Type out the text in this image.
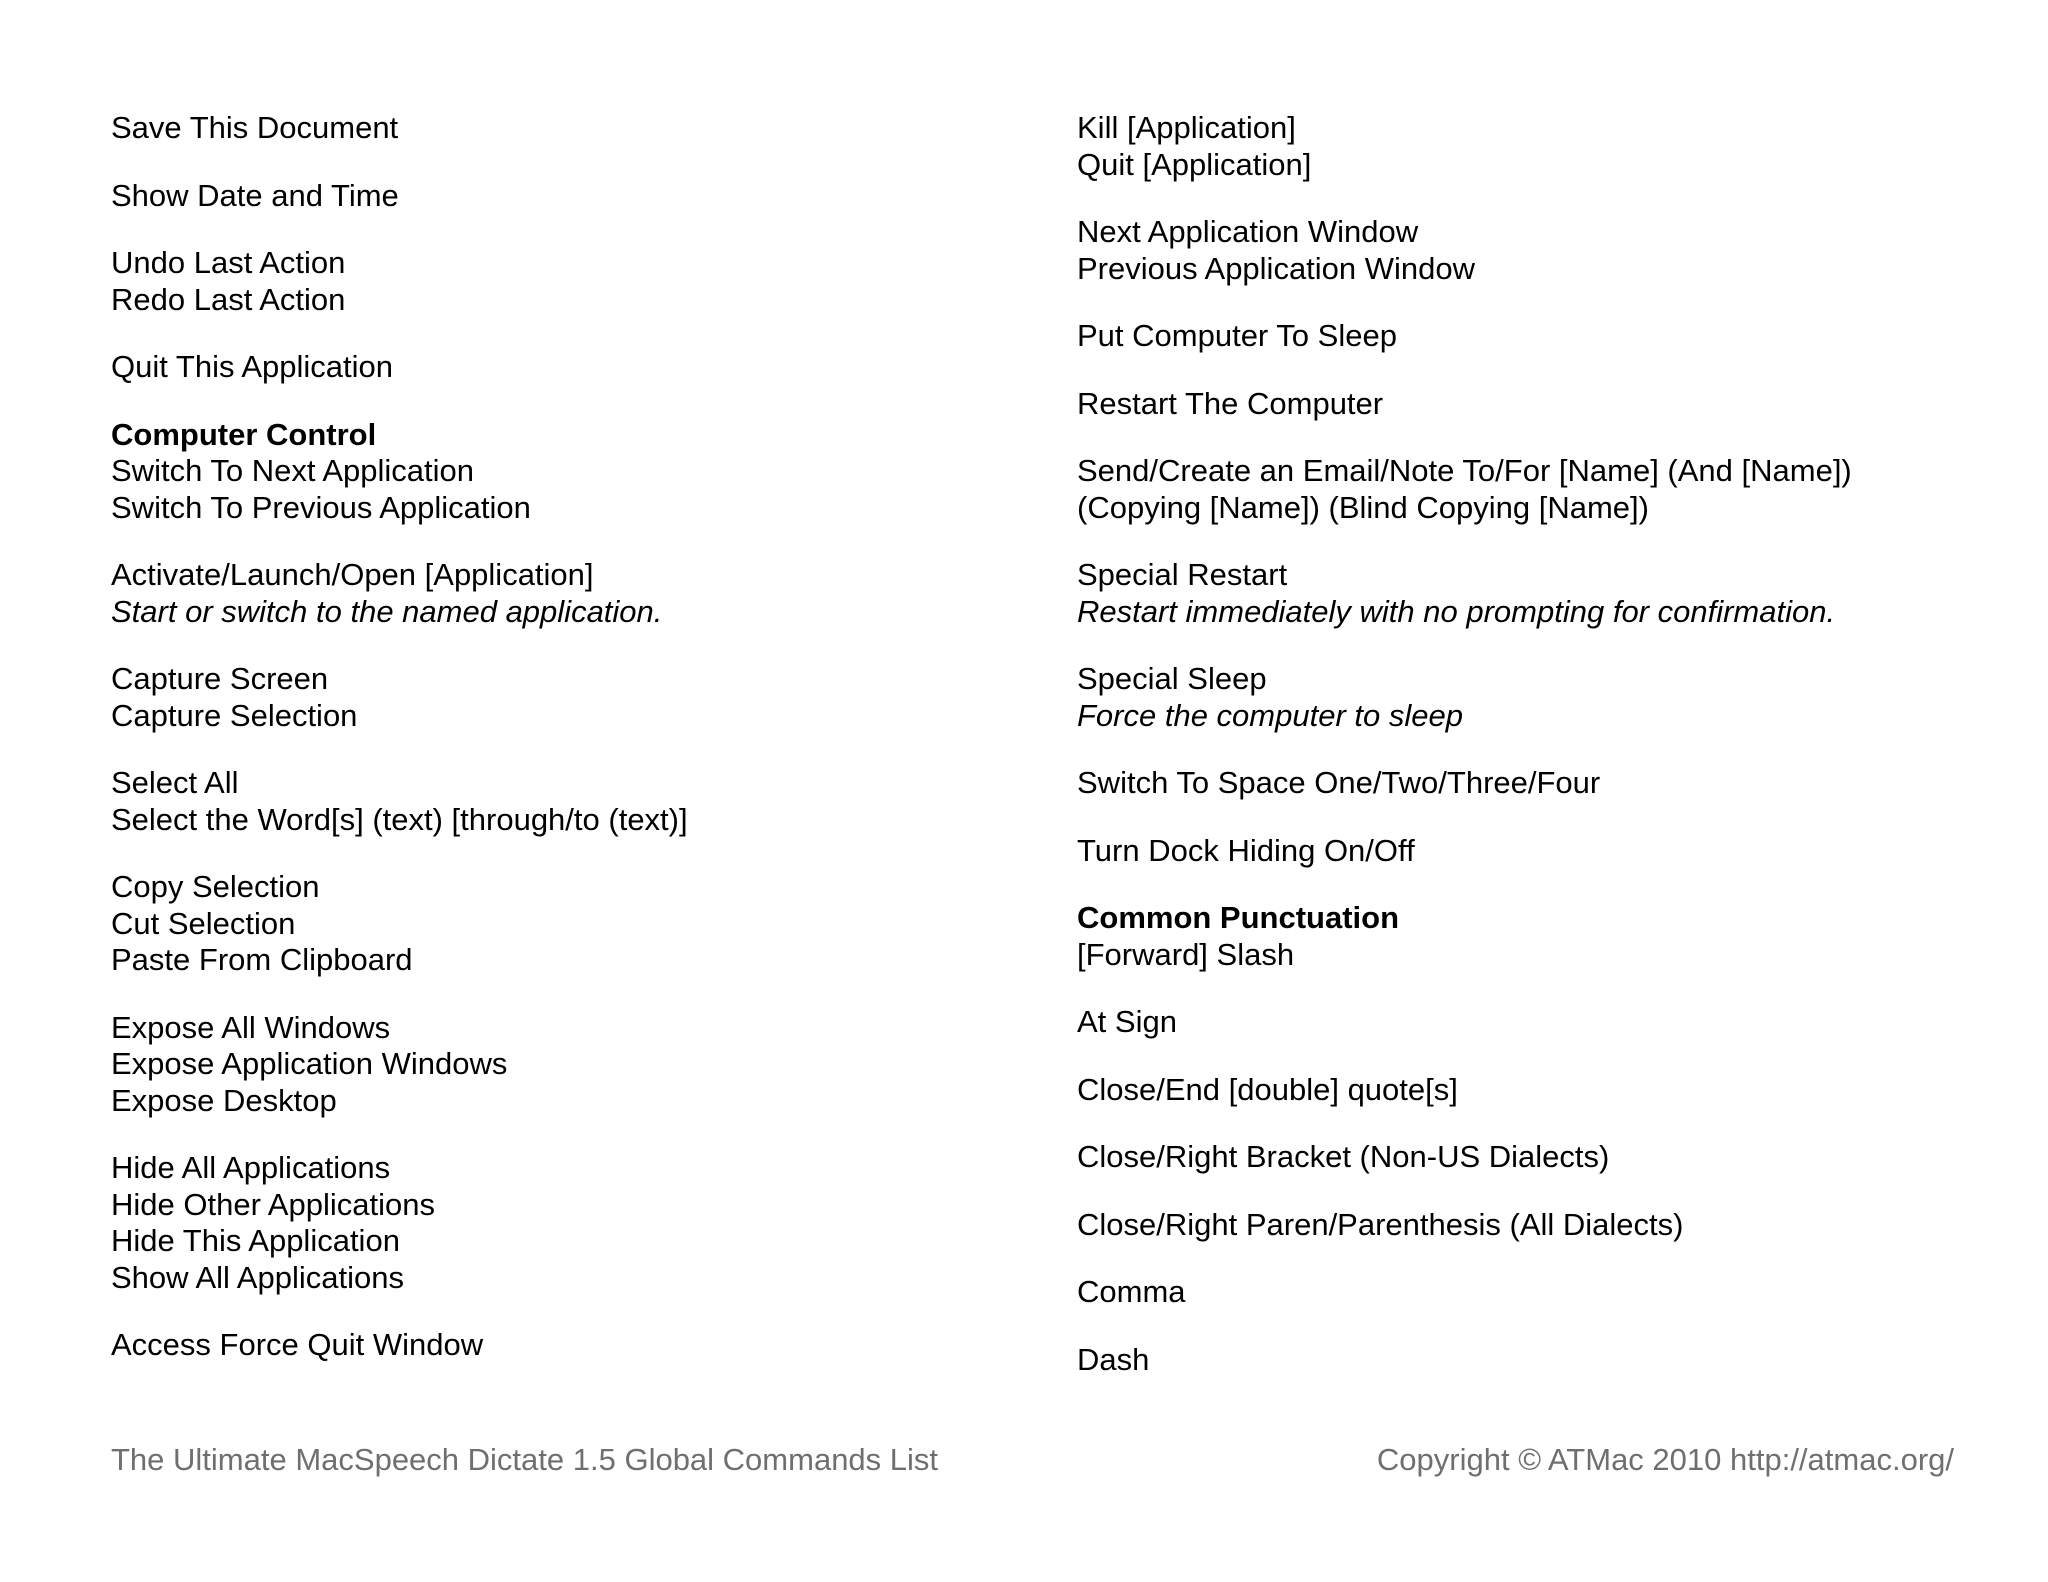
Save This Document
Show Date and Time
Undo Last Action
Redo Last Action
Quit This Application
Computer Control
Switch To Next Application
Switch To Previous Application
Activate/Launch/Open [Application]
Start or switch to the named application.
Capture Screen
Capture Selection
Select All
Select the Word[s] (text) [through/to (text)]
Copy Selection
Cut Selection
Paste From Clipboard
Expose All Windows
Expose Application Windows
Expose Desktop
Hide All Applications
Hide Other Applications
Hide This Application
Show All Applications
Access Force Quit Window
Kill [Application]
Quit [Application]
Next Application Window
Previous Application Window
Put Computer To Sleep
Restart The Computer
Send/Create an Email/Note To/For [Name] (And [Name])
(Copying [Name]) (Blind Copying [Name])
Special Restart
Restart immediately with no prompting for confirmation.
Special Sleep
Force the computer to sleep
Switch To Space One/Two/Three/Four
Turn Dock Hiding On/Off
Common Punctuation
[Forward] Slash
At Sign
Close/End [double] quote[s]
Close/Right Bracket (Non-US Dialects)
Close/Right Paren/Parenthesis (All Dialects)
Comma
Dash
The Ultimate MacSpeech Dictate 1.5 Global Commands List	Copyright © ATMac 2010 http://atmac.org/
